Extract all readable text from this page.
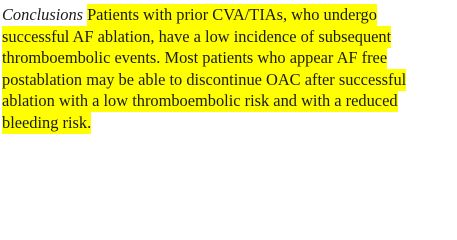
Conclusions Patients with prior CVA/TIAs, who undergo
successful AF ablation, have a low incidence of subsequent
thromboembolic events. Most patients who appear AF free
postablation may be able to discontinue OAC after successful
ablation with a low thromboembolic risk and with a reduced
bleeding risk.
